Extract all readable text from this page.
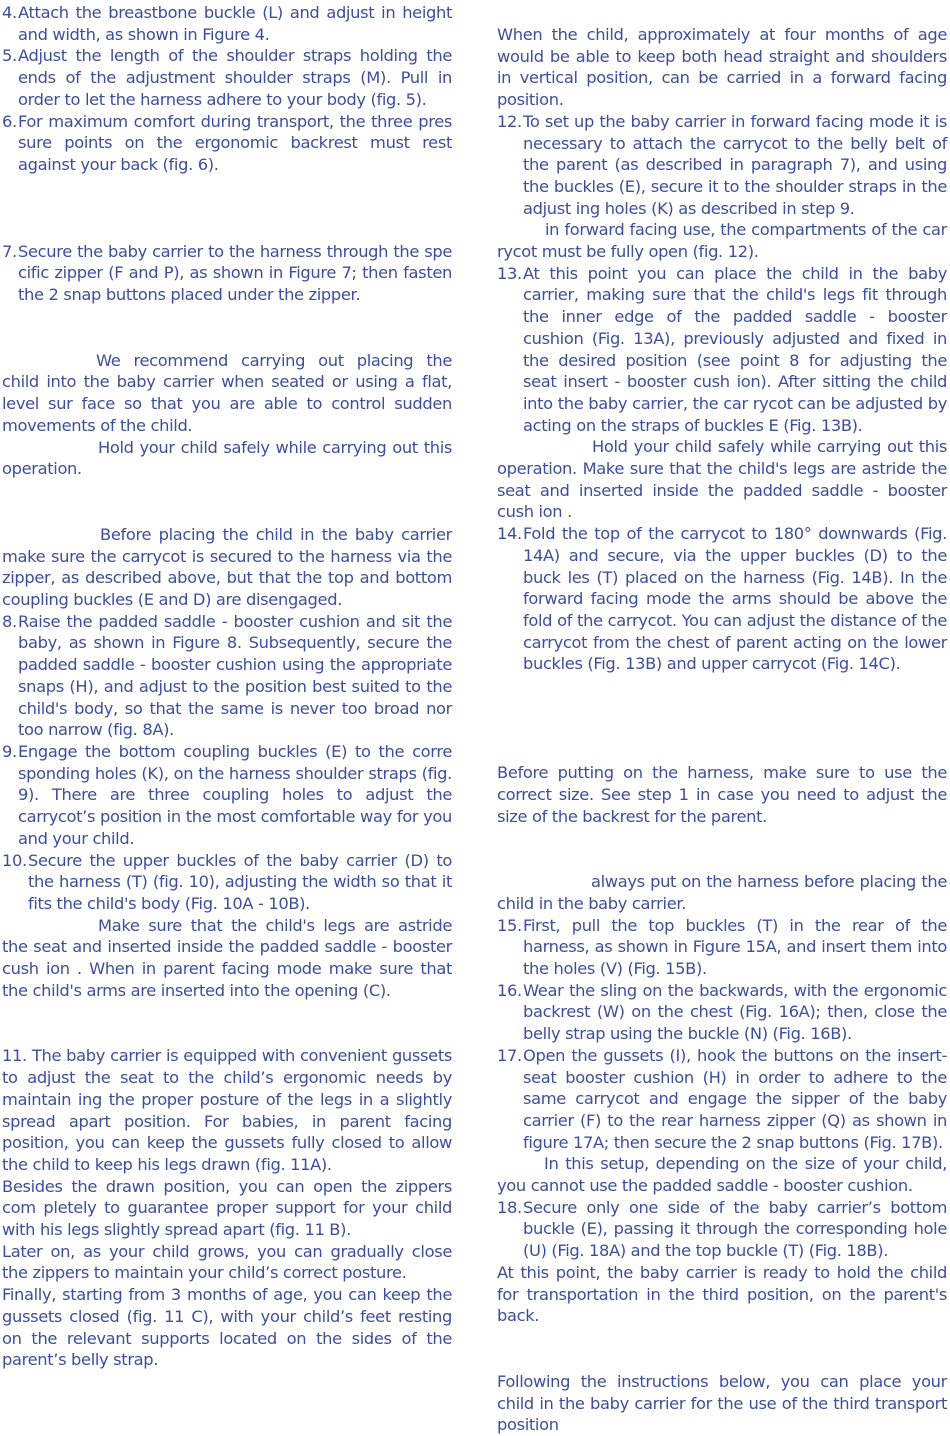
4. Attach the breastbone buckle (L) and adjust in height and width, as shown in Figure 4.
5. Adjust the length of the shoulder straps holding the ends of the adjustment shoulder straps (M). Pull in order to let the harness adhere to your body (fig. 5).
6. For maximum comfort during transport, the three pres sure points on the ergonomic backrest must rest against your back (fig. 6).
7. Secure the baby carrier to the harness through the spe cific zipper (F and P), as shown in Figure 7; then fasten the 2 snap buttons placed under the zipper.

We recommend carrying out placing the child into the baby carrier when seated or using a flat, level sur face so that you are able to control sudden movements of the child.

Hold your child safely while carrying out this operation.

Before placing the child in the baby carrier make sure the carrycot is secured to the harness via the zipper, as described above, but that the top and bottom coupling buckles (E and D) are disengaged.

8. Raise the padded saddle - booster cushion and sit the baby, as shown in Figure 8. Subsequently, secure the padded saddle - booster cushion using the appropriate snaps (H), and adjust to the position best suited to the child's body, so that the same is never too broad nor too narrow (fig. 8A).
9. Engage the bottom coupling buckles (E) to the corre sponding holes (K), on the harness shoulder straps (fig. 9). There are three coupling holes to adjust the carrycot’s position in the most comfortable way for you and your child.
10. Secure the upper buckles of the baby carrier (D) to the harness (T) (fig. 10), adjusting the width so that it fits the child's body (Fig. 10A - 10B).

Make sure that the child's legs are astride the seat and inserted inside the padded saddle - booster cush ion . When in parent facing mode make sure that the child's arms are inserted into the opening (C).

11. The baby carrier is equipped with convenient gussets to adjust the seat to the child’s ergonomic needs by maintain ing the proper posture of the legs in a slightly spread apart position. For babies, in parent facing position, you can keep the gussets fully closed to allow the child to keep his legs drawn (fig. 11A).

Besides the drawn position, you can open the zippers com pletely to guarantee proper support for your child with his legs slightly spread apart (fig. 11 B).

Later on, as your child grows, you can gradually close the zippers to maintain your child’s correct posture.

Finally, starting from 3 months of age, you can keep the gussets closed (fig. 11 C), with your child’s feet resting on the relevant supports located on the sides of the parent’s belly strap.

When the child, approximately at four months of age would be able to keep both head straight and shoulders in vertical position, can be carried in a forward facing position.

12. To set up the baby carrier in forward facing mode it is necessary to attach the carrycot to the belly belt of the parent (as described in paragraph 7), and using the buckles (E), secure it to the shoulder straps in the adjust ing holes (K) as described in step 9.

in forward facing use, the compartments of the car rycot must be fully open (fig. 12).

13. At this point you can place the child in the baby carrier, making sure that the child's legs fit through the inner edge of the padded saddle - booster cushion (Fig. 13A), previously adjusted and fixed in the desired position (see point 8 for adjusting the seat insert - booster cush ion). After sitting the child into the baby carrier, the car rycot can be adjusted by acting on the straps of buckles E (Fig. 13B).

Hold your child safely while carrying out this operation. Make sure that the child's legs are astride the seat and inserted inside the padded saddle - booster cush ion .

14. Fold the top of the carrycot to 180° downwards (Fig. 14A) and secure, via the upper buckles (D) to the buck les (T) placed on the harness (Fig. 14B). In the forward facing mode the arms should be above the fold of the carrycot. You can adjust the distance of the carrycot from the chest of parent acting on the lower buckles (Fig. 13B) and upper carrycot (Fig. 14C).

Before putting on the harness, make sure to use the correct size. See step 1 in case you need to adjust the size of the backrest for the parent.

always put on the harness before placing the child in the baby carrier.

15. First, pull the top buckles (T) in the rear of the harness, as shown in Figure 15A, and insert them into the holes (V) (Fig. 15B).
16. Wear the sling on the backwards, with the ergonomic backrest (W) on the chest (Fig. 16A); then, close the belly strap using the buckle (N) (Fig. 16B).
17. Open the gussets (I), hook the buttons on the insert-seat booster cushion (H) in order to adhere to the same carrycot and engage the sipper of the baby carrier (F) to the rear harness zipper (Q) as shown in figure 17A; then secure the 2 snap buttons (Fig. 17B).

In this setup, depending on the size of your child, you cannot use the padded saddle - booster cushion.

18. Secure only one side of the baby carrier’s bottom buckle (E), passing it through the corresponding hole (U) (Fig. 18A) and the top buckle (T) (Fig. 18B).

At this point, the baby carrier is ready to hold the child for transportation in the third position, on the parent's back.

Following the instructions below, you can place your child in the baby carrier for the use of the third transport position
